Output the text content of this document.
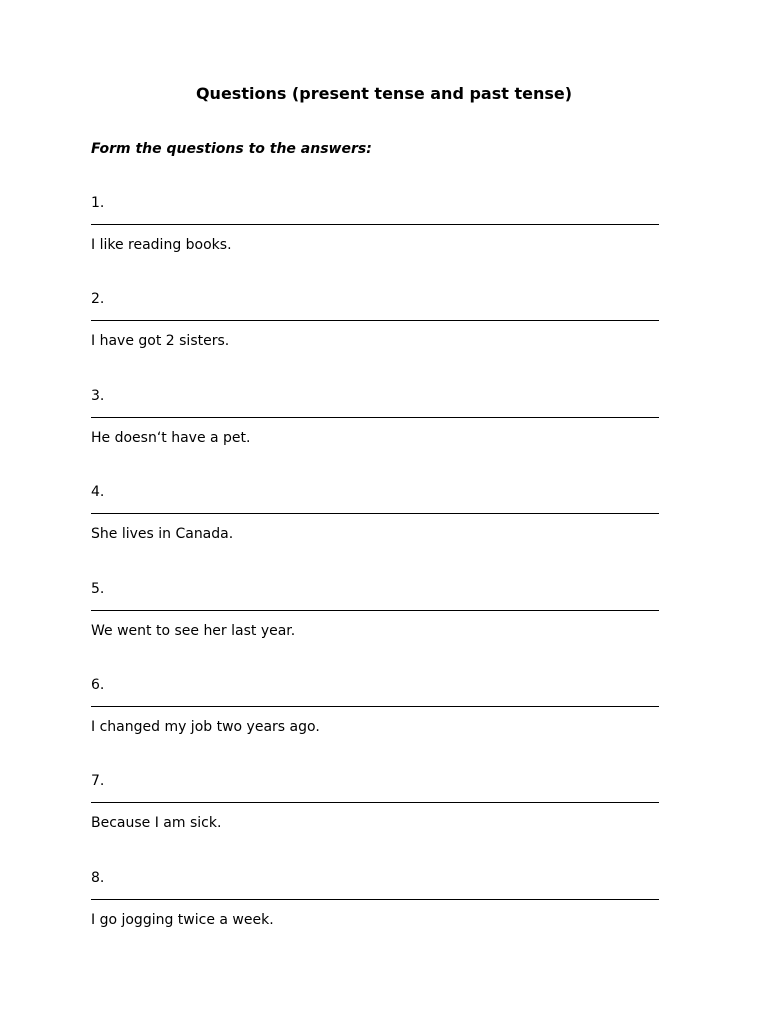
Questions (present tense and past tense)
Form the questions to the answers:
1.
I like reading books.
2.
I have got 2 sisters.
3.
He doesn‘t have a pet.
4.
She lives in Canada.
5.
We went to see her last year.
6.
I changed my job two years ago.
7.
Because I am sick.
8.
I go jogging twice a week.
